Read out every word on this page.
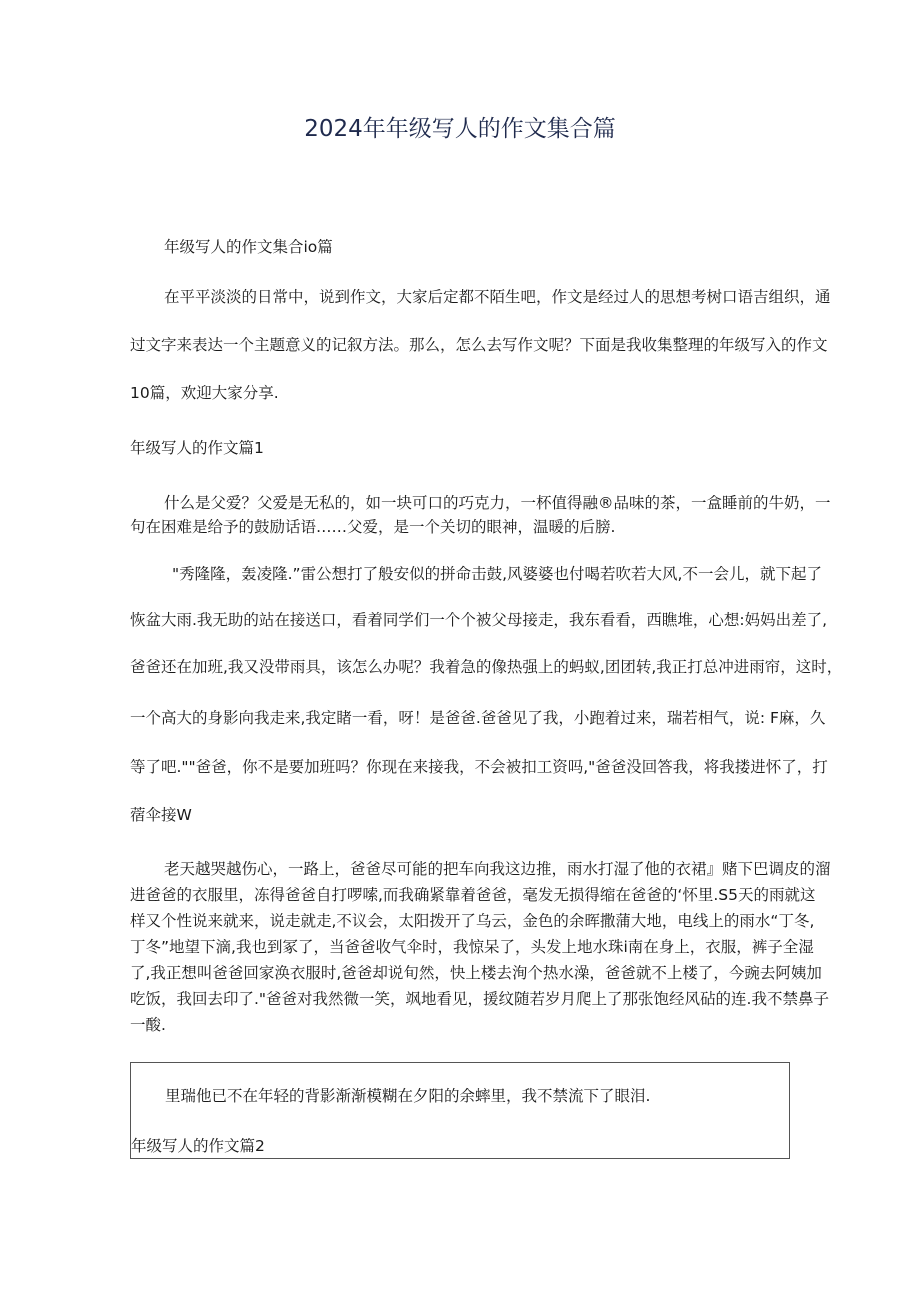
2024年年级写人的作文集合篇
年级写人的作文集合io篇
在平平淡淡的日常中，说到作文，大家后定都不陌生吧，作文是经过人的思想考树口语吉组织，通
过文字来表达一个主题意义的记叙方法。那么，怎么去写作文呢？下面是我收集整理的年级写入的作文
10篇，欢迎大家分享.
年级写人的作文篇1
什么是父爱？父爱是无私的，如一块可口的巧克力，一杯值得融®品味的茶，一盒睡前的牛奶，一
句在困难是给予的鼓励话语……父爱，是一个关切的眼神，温暖的后膀.
"秀隆隆，轰凌隆.”雷公想打了般安似的拼命击鼓,风婆婆也付喝若吹若大风,不一会儿，就下起了
恢盆大雨.我无助的站在接送口，看着同学们一个个被父母接走，我东看看，西瞧堆，心想:妈妈出差了,
爸爸还在加班,我又没带雨具，该怎么办呢？我着急的像热强上的蚂蚁,团团转,我正打总冲进雨帘，这时，
一个高大的身影向我走来,我定睹一看，呀！是爸爸.爸爸见了我，小跑着过来，瑞若相气，说: F麻，久
等了吧.""爸爸，你不是要加班吗？你现在来接我，不会被扣工资吗,"爸爸没回答我，将我搂进怀了，打
蓿伞接W
老天越哭越伤心，一路上，爸爸尽可能的把车向我这边推，雨水打湿了他的衣裙』赌下巴调皮的溜
进爸爸的衣服里，冻得爸爸自打啰嗦,而我确紧靠着爸爸，毫发无损得缩在爸爸的‘怀里.S5天的雨就这
样又个性说来就来，说走就走,不议会，太阳拨开了乌云，金色的余晖撒蒲大地，电线上的雨水“丁冬,
丁冬”地望下滴,我也到冢了，当爸爸收气伞时，我惊呆了，头发上地水珠i南在身上，衣服，裤子全湿
了,我正想叫爸爸回家涣衣服时,爸爸却说旬然，快上楼去洵个热水澡，爸爸就不上楼了，今豌去阿姨加
吃饭，我回去印了."爸爸对我然微一笑，飒地看见，援纹随若岁月爬上了那张饱经风砧的连.我不禁鼻子
一酸.
里瑞他已不在年轻的背影渐渐模糊在夕阳的余蟀里，我不禁流下了眼泪.
年级写人的作文篇2
